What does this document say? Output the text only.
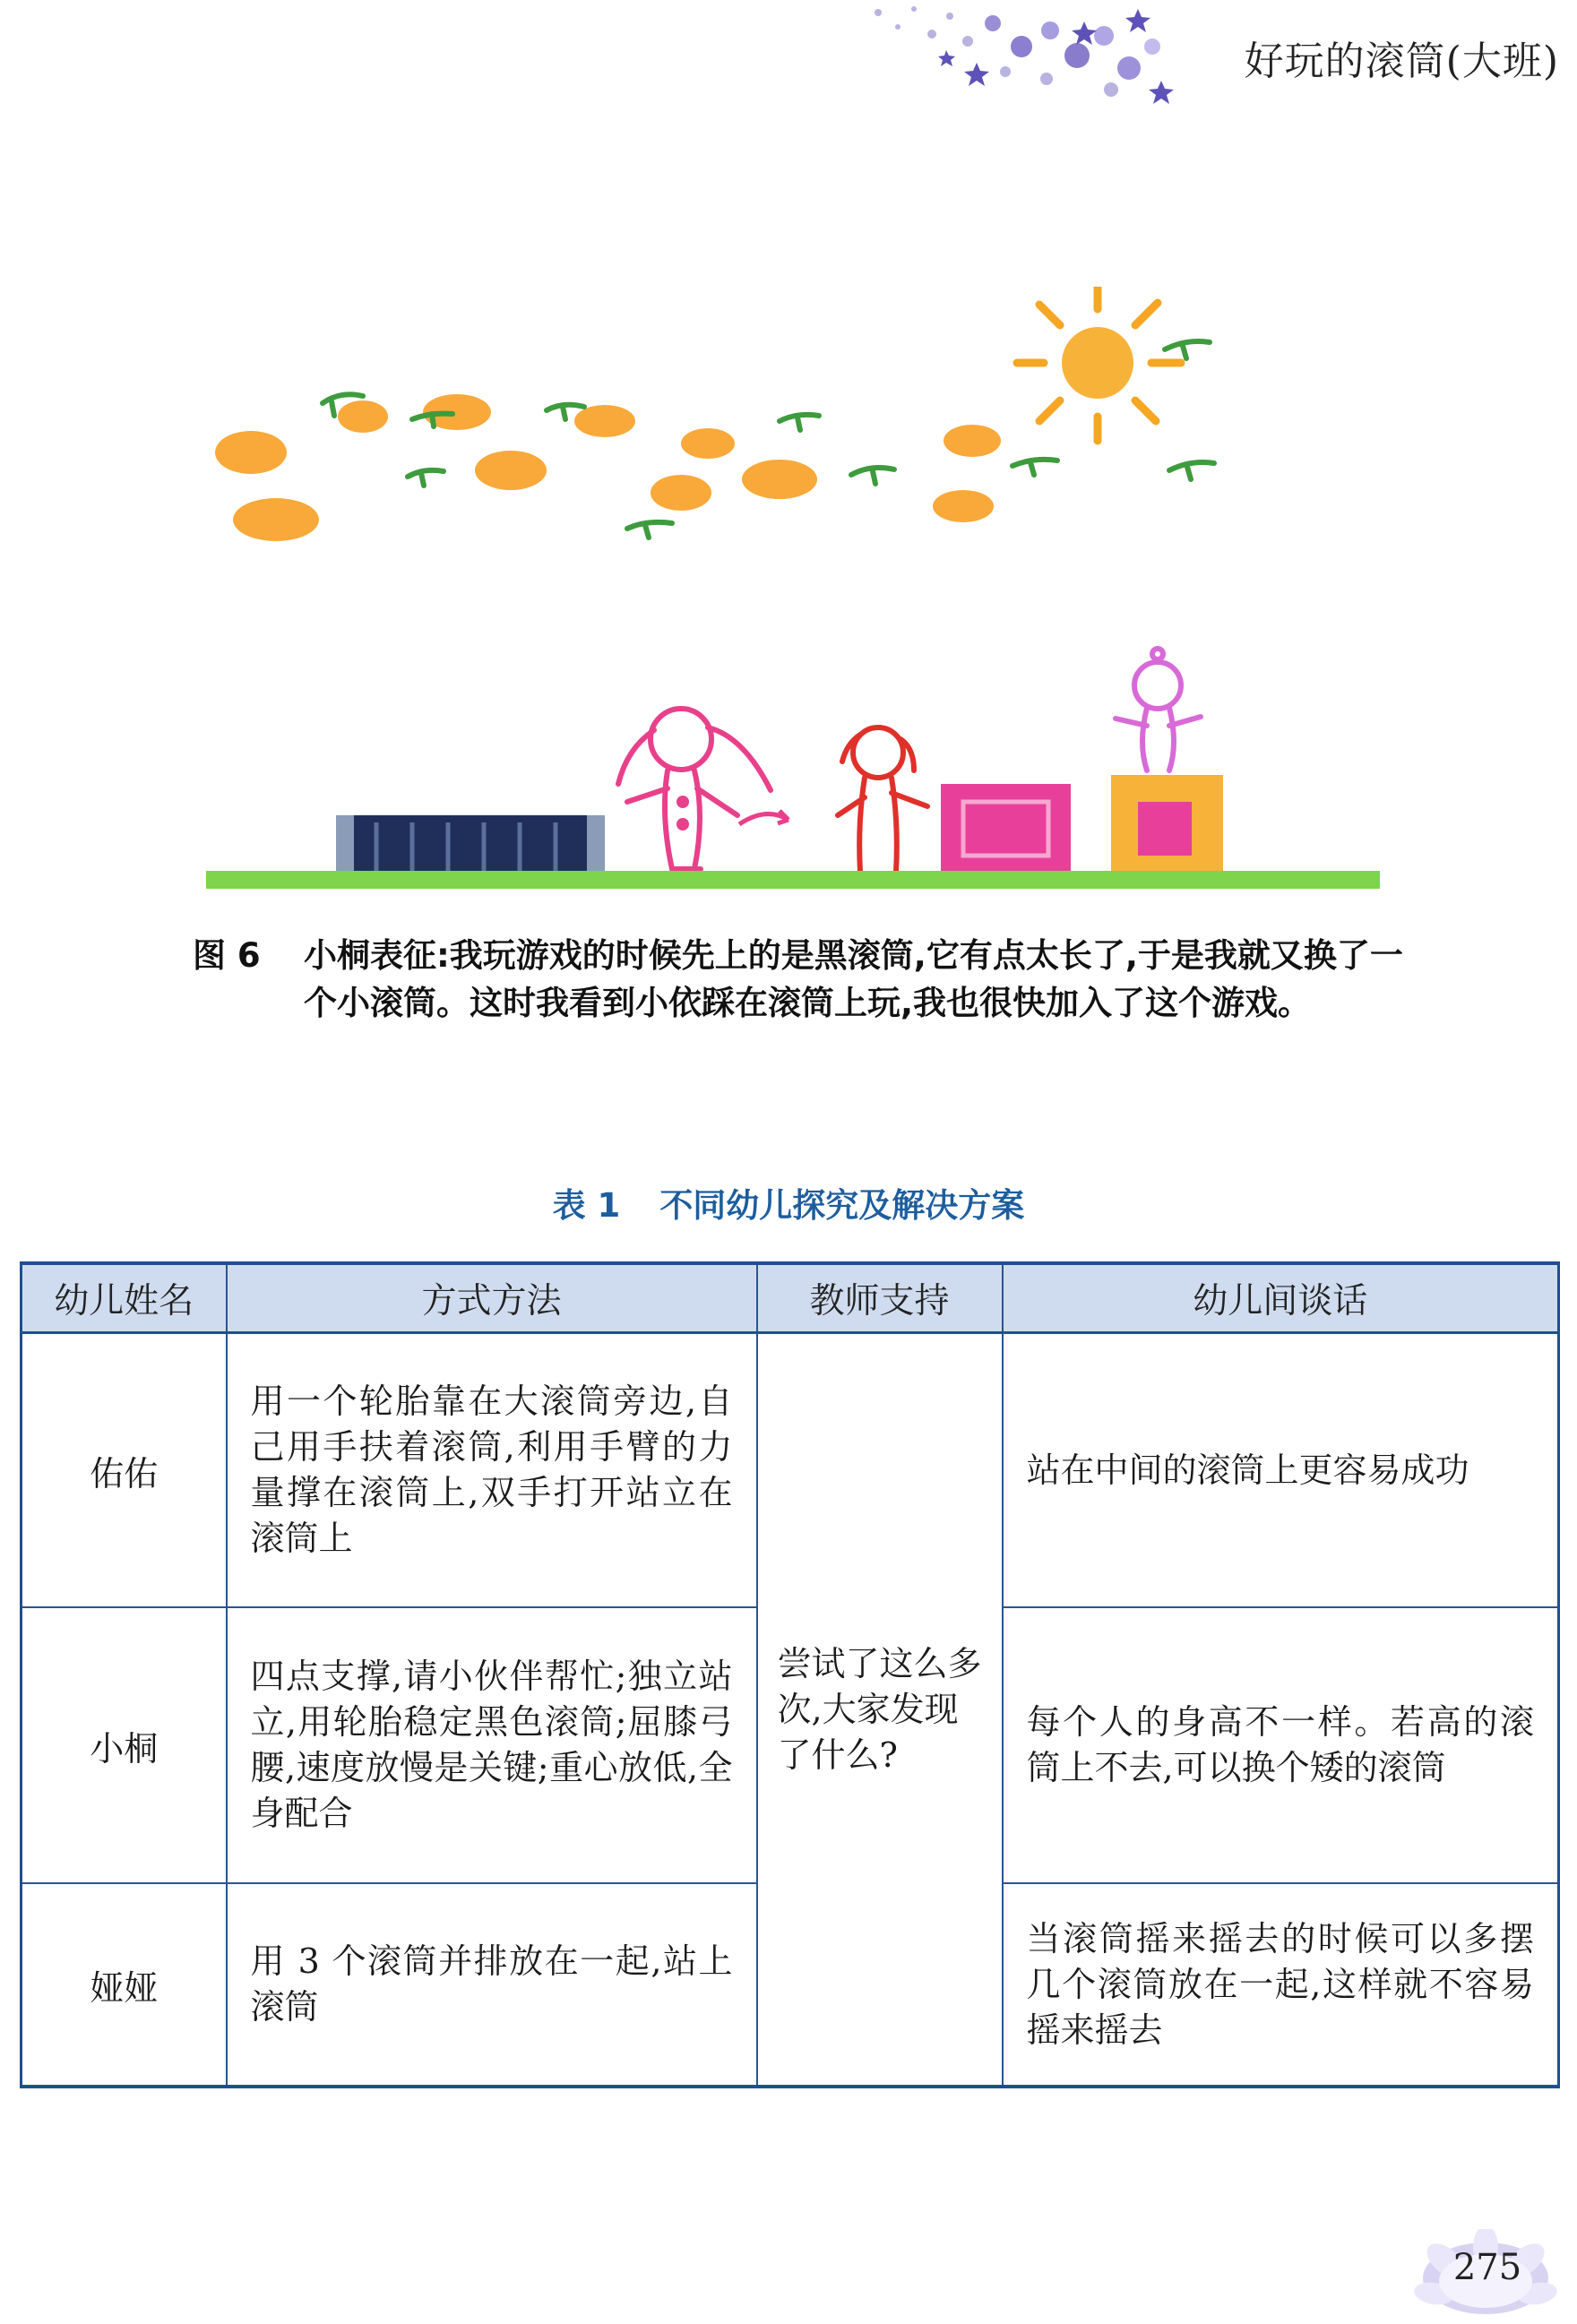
好玩的滚筒(大班)
图 6 小桐表征:我玩游戏的时候先上的是黑滚筒,它有点太长了,于是我就又换了一个小滚筒。这时我看到小依踩在滚筒上玩,我也很快加入了这个游戏。
表 1 不同幼儿探究及解决方案
幼儿姓名	方式方法	教师支持	幼儿间谈话
佑佑	用一个轮胎靠在大滚筒旁边,自己用手扶着滚筒,利用手臂的力量撑在滚筒上,双手打开站立在滚筒上	尝试了这么多次,大家发现了什么?	站在中间的滚筒上更容易成功
小桐	四点支撑,请小伙伴帮忙;独立站立,用轮胎稳定黑色滚筒;屈膝弓腰,速度放慢是关键;重心放低,全身配合		每个人的身高不一样。若高的滚筒上不去,可以换个矮的滚筒
娅娅	用 3 个滚筒并排放在一起,站上滚筒		当滚筒摇来摇去的时候可以多摆几个滚筒放在一起,这样就不容易摇来摇去
275
